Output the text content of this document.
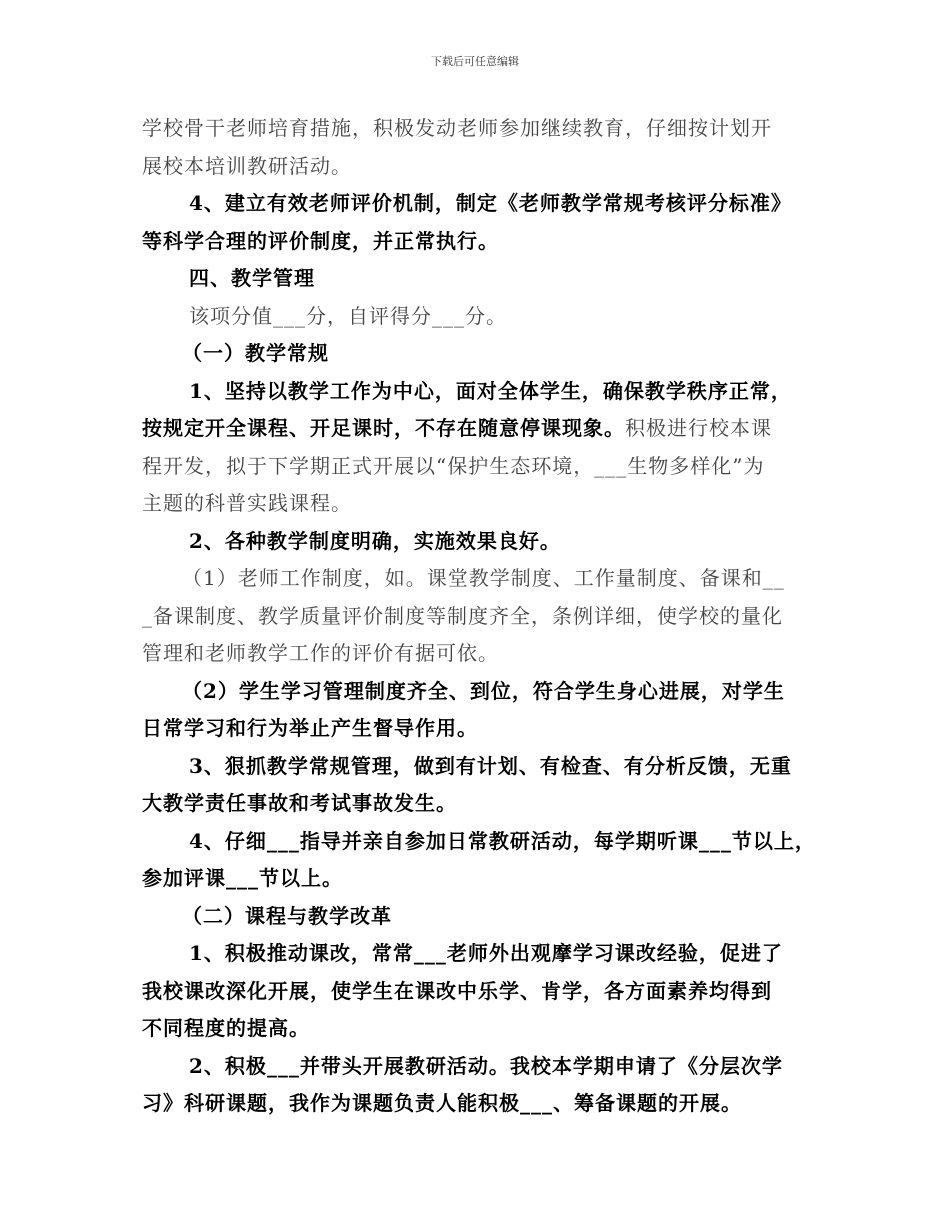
下载后可任意编辑
学校骨干老师培育措施，积极发动老师参加继续教育，仔细按计划开
展校本培训教研活动。
4、建立有效老师评价机制，制定《老师教学常规考核评分标准》
等科学合理的评价制度，并正常执行。
四、教学管理
该项分值___分，自评得分___分。
（一）教学常规
1、坚持以教学工作为中心，面对全体学生，确保教学秩序正常，
按规定开全课程、开足课时，不存在随意停课现象。积极进行校本课
程开发，拟于下学期正式开展以“保护生态环境，___生物多样化”为
主题的科普实践课程。
2、各种教学制度明确，实施效果良好。
（1）老师工作制度，如。课堂教学制度、工作量制度、备课和__
_备课制度、教学质量评价制度等制度齐全，条例详细，使学校的量化
管理和老师教学工作的评价有据可依。
（2）学生学习管理制度齐全、到位，符合学生身心进展，对学生
日常学习和行为举止产生督导作用。
3、狠抓教学常规管理，做到有计划、有检查、有分析反馈，无重
大教学责任事故和考试事故发生。
4、仔细___指导并亲自参加日常教研活动，每学期听课___节以上，
参加评课___节以上。
（二）课程与教学改革
1、积极推动课改，常常___老师外出观摩学习课改经验，促进了
我校课改深化开展，使学生在课改中乐学、肯学，各方面素养均得到
不同程度的提高。
2、积极___并带头开展教研活动。我校本学期申请了《分层次学
习》科研课题，我作为课题负责人能积极___、筹备课题的开展。
